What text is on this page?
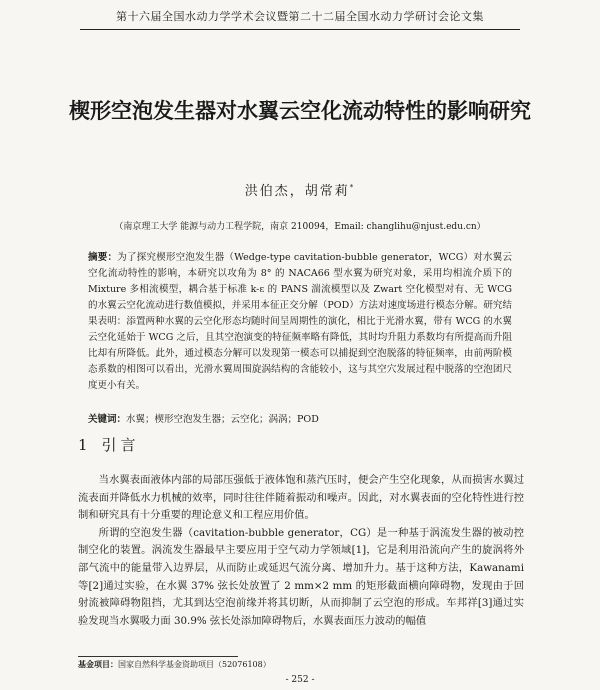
第十六届全国水动力学学术会议暨第二十二届全国水动力学研讨会论文集
楔形空泡发生器对水翼云空化流动特性的影响研究
洪伯杰，胡常莉*
（南京理工大学 能源与动力工程学院，南京 210094，Email: changlihu@njust.edu.cn）
摘要：为了探究楔形空泡发生器（Wedge-type cavitation-bubble generator，WCG）对水翼云空化流动特性的影响，本研究以攻角为 8° 的 NACA66 型水翼为研究对象，采用均相流介质下的 Mixture 多相流模型，耦合基于标准 k-ε 的 PANS 湍流模型以及 Zwart 空化模型对有、无 WCG 的水翼云空化流动进行数值模拟，并采用本征正交分解（POD）方法对速度场进行模态分解。研究结果表明：添置两种水翼的云空化形态均随时间呈周期性的演化，相比于光滑水翼，带有 WCG 的水翼云空化延始于 WCG 之后，且其空泡演变的特征频率略有降低，其时均升阻力系数均有所提高而升阻比却有所降低。此外，通过模态分解可以发现第一模态可以捕捉到空泡脱落的特征频率，由前两阶模态系数的相图可以看出，光滑水翼周围旋涡结构的含能较小，这与其空穴发展过程中脱落的空泡团尺度更小有关。
关键词：水翼；楔形空泡发生器；云空化；涡涡；POD
1 引言

当水翼表面液体内部的局部压强低于液体饱和蒸汽压时，便会产生空化现象，从而损害水翼过流表面并降低水力机械的效率，同时往往伴随着振动和噪声。因此，对水翼表面的空化特性进行控制和研究具有十分重要的理论意义和工程应用价值。

所谓的空泡发生器（cavitation-bubble generator，CG）是一种基于涡流发生器的被动控制空化的装置。涡流发生器最早主要应用于空气动力学领域[1]，它是利用沿流向产生的旋涡将外部气流中的能量带入边界层，从而防止或延迟气流分离、增加升力。基于这种方法，Kawanami 等[2]通过实验，在水翼 37% 弦长处放置了 2 mm×2 mm 的矩形截面横向障碍物，发现由于回射流被障碍物阻挡，尤其到达空泡前缘并将其切断，从而抑制了云空泡的形成。车邦祥[3]通过实验发现当水翼吸力面 30.9% 弦长处添加障碍物后，水翼表面压力波动的幅值

基金项目：国家自然科学基金资助项目（52076108）
- 252 -
